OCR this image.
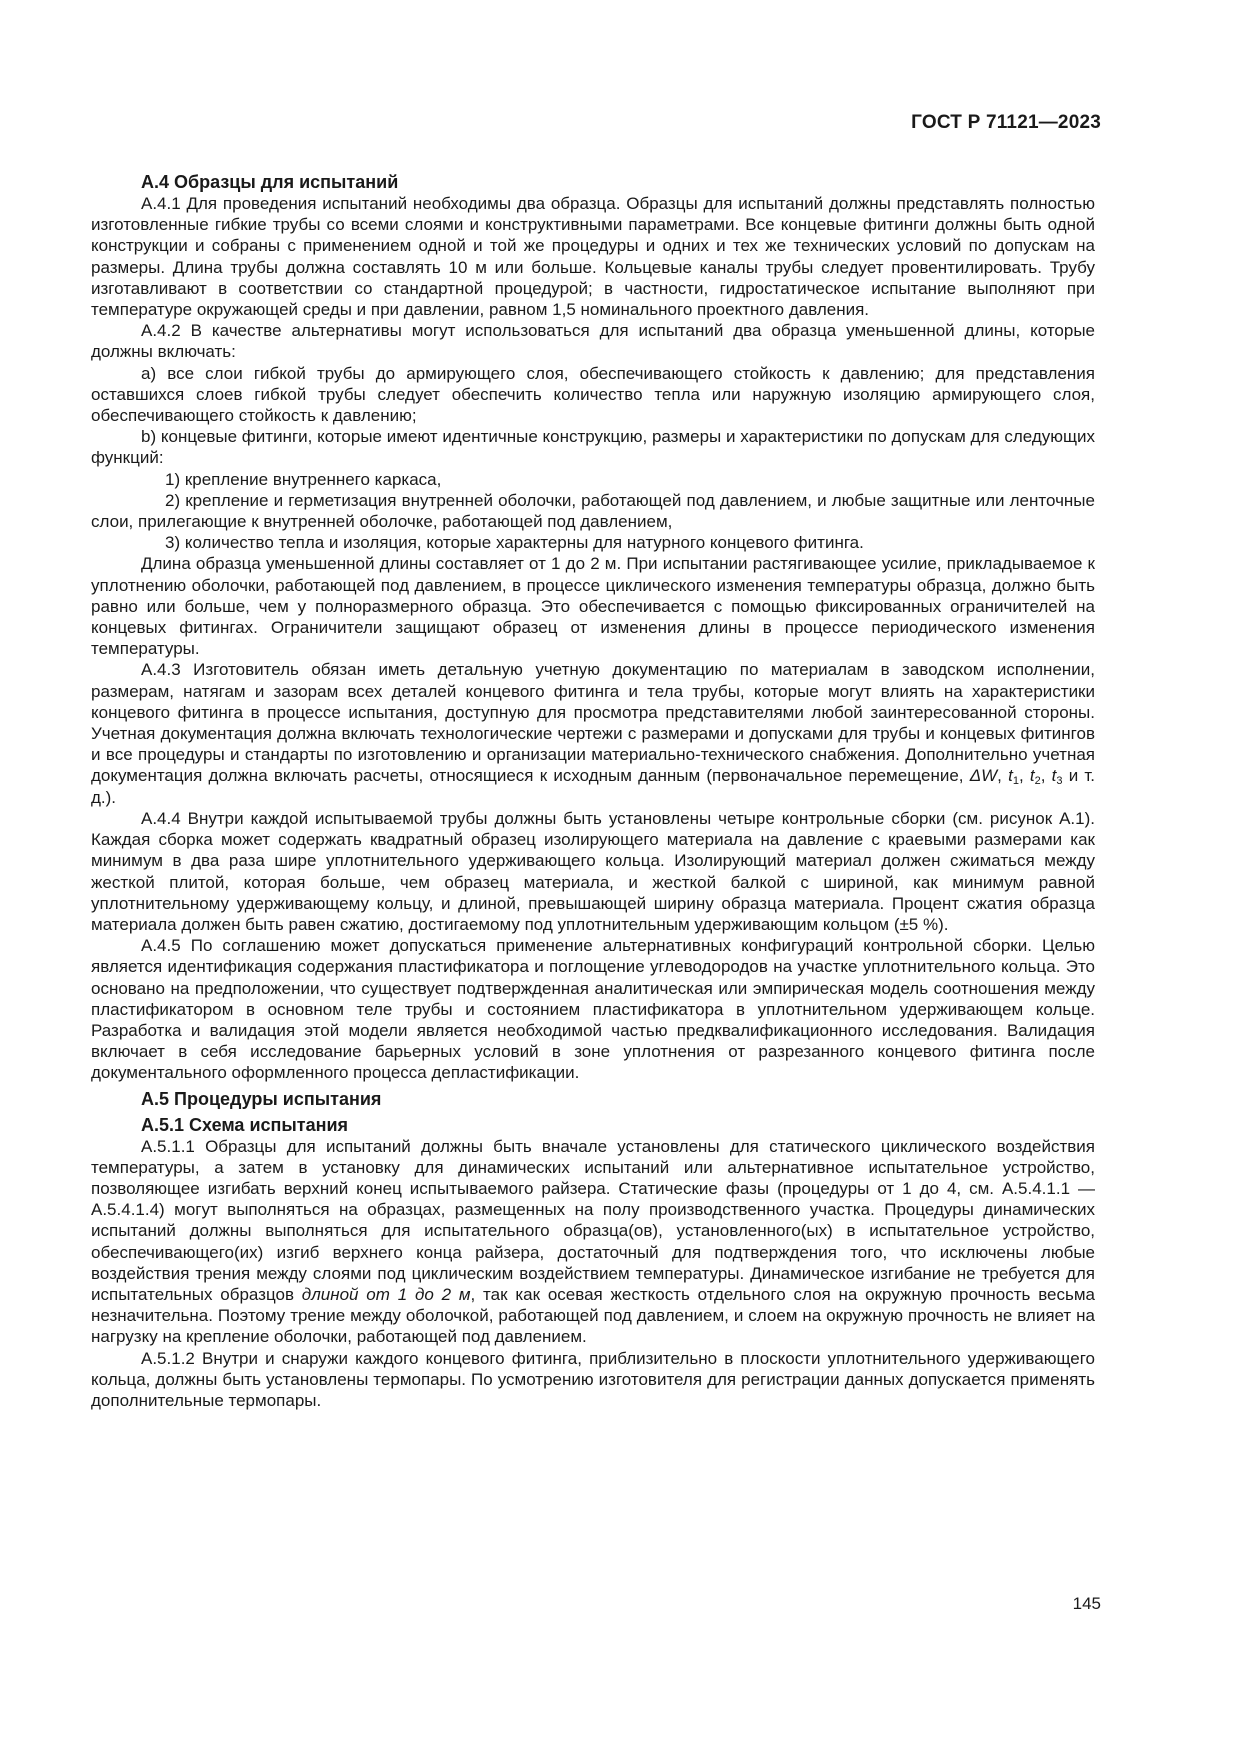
ГОСТ Р 71121—2023

А.4 Образцы для испытаний

А.4.1 Для проведения испытаний необходимы два образца. Образцы для испытаний должны представлять полностью изготовленные гибкие трубы со всеми слоями и конструктивными параметрами. Все концевые фитинги должны быть одной конструкции и собраны с применением одной и той же процедуры и одних и тех же технических условий по допускам на размеры. Длина трубы должна составлять 10 м или больше. Кольцевые каналы трубы следует провентилировать. Трубу изготавливают в соответствии со стандартной процедурой; в частности, гидростатическое испытание выполняют при температуре окружающей среды и при давлении, равном 1,5 номинального проектного давления.

А.4.2 В качестве альтернативы могут использоваться для испытаний два образца уменьшенной длины, которые должны включать:

a) все слои гибкой трубы до армирующего слоя, обеспечивающего стойкость к давлению; для представления оставшихся слоев гибкой трубы следует обеспечить количество тепла или наружную изоляцию армирующего слоя, обеспечивающего стойкость к давлению;

b) концевые фитинги, которые имеют идентичные конструкцию, размеры и характеристики по допускам для следующих функций:

1) крепление внутреннего каркаса,

2) крепление и герметизация внутренней оболочки, работающей под давлением, и любые защитные или ленточные слои, прилегающие к внутренней оболочке, работающей под давлением,

3) количество тепла и изоляция, которые характерны для натурного концевого фитинга.

Длина образца уменьшенной длины составляет от 1 до 2 м. При испытании растягивающее усилие, прикладываемое к уплотнению оболочки, работающей под давлением, в процессе циклического изменения температуры образца, должно быть равно или больше, чем у полноразмерного образца. Это обеспечивается с помощью фиксированных ограничителей на концевых фитингах. Ограничители защищают образец от изменения длины в процессе периодического изменения температуры.

А.4.3 Изготовитель обязан иметь детальную учетную документацию по материалам в заводском исполнении, размерам, натягам и зазорам всех деталей концевого фитинга и тела трубы, которые могут влиять на характеристики концевого фитинга в процессе испытания, доступную для просмотра представителями любой заинтересованной стороны. Учетная документация должна включать технологические чертежи с размерами и допусками для трубы и концевых фитингов и все процедуры и стандарты по изготовлению и организации материально-технического снабжения. Дополнительно учетная документация должна включать расчеты, относящиеся к исходным данным (первоначальное перемещение, ΔW, $t_1$, $t_2$, $t_3$ и т. д.).

А.4.4 Внутри каждой испытываемой трубы должны быть установлены четыре контрольные сборки (см. рисунок А.1). Каждая сборка может содержать квадратный образец изолирующего материала на давление с краевыми размерами как минимум в два раза шире уплотнительного удерживающего кольца. Изолирующий материал должен сжиматься между жесткой плитой, которая больше, чем образец материала, и жесткой балкой с шириной, как минимум равной уплотнительному удерживающему кольцу, и длиной, превышающей ширину образца материала. Процент сжатия образца материала должен быть равен сжатию, достигаемому под уплотнительным удерживающим кольцом (±5 %).

А.4.5 По соглашению может допускаться применение альтернативных конфигураций контрольной сборки. Целью является идентификация содержания пластификатора и поглощение углеводородов на участке уплотнительного кольца. Это основано на предположении, что существует подтвержденная аналитическая или эмпирическая модель соотношения между пластификатором в основном теле трубы и состоянием пластификатора в уплотнительном удерживающем кольце. Разработка и валидация этой модели является необходимой частью предквалификационного исследования. Валидация включает в себя исследование барьерных условий в зоне уплотнения от разрезанного концевого фитинга после документального оформленного процесса депластификации.

А.5 Процедуры испытания

А.5.1 Схема испытания

А.5.1.1 Образцы для испытаний должны быть вначале установлены для статического циклического воздействия температуры, а затем в установку для динамических испытаний или альтернативное испытательное устройство, позволяющее изгибать верхний конец испытываемого райзера. Статические фазы (процедуры от 1 до 4, см. А.5.4.1.1 — А.5.4.1.4) могут выполняться на образцах, размещенных на полу производственного участка. Процедуры динамических испытаний должны выполняться для испытательного образца(ов), установленного(ых) в испытательное устройство, обеспечивающего(их) изгиб верхнего конца райзера, достаточный для подтверждения того, что исключены любые воздействия трения между слоями под циклическим воздействием температуры. Динамическое изгибание не требуется для испытательных образцов длиной от 1 до 2 м, так как осевая жесткость отдельного слоя на окружную прочность весьма незначительна. Поэтому трение между оболочкой, работающей под давлением, и слоем на окружную прочность не влияет на нагрузку на крепление оболочки, работающей под давлением.

А.5.1.2 Внутри и снаружи каждого концевого фитинга, приблизительно в плоскости уплотнительного удерживающего кольца, должны быть установлены термопары. По усмотрению изготовителя для регистрации данных допускается применять дополнительные термопары.

145
